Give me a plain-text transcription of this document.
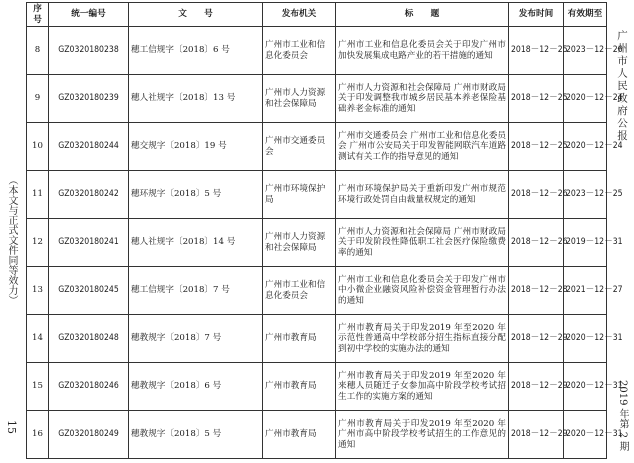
（本文与正式文件同等效力）
15
广州市人民政府公报
2019 年第 2 期
序号	统一编号	文　　号	发布机关	标　　题	发布时间	有效期至
8	GZ0320180238	穗工信规字〔2018〕6 号	广州市工业和信息化委员会	广州市工业和信息化委员会关于印发广州市加快发展集成电路产业的若干措施的通知	2018－12－25	2023－12－26
9	GZ0320180239	穗人社规字〔2018〕13 号	广州市人力资源和社会保障局	广州市人力资源和社会保障局 广州市财政局关于印发调整我市城乡居民基本养老保险基础养老金标准的通知	2018－12－25	2020－12－24
10	GZ0320180244	穗交规字〔2018〕19 号	广州市交通委员会	广州市交通委员会 广州市工业和信息化委员会 广州市公安局关于印发智能网联汽车道路测试有关工作的指导意见的通知	2018－12－25	2020－12－24
11	GZ0320180242	穗环规字〔2018〕5 号	广州市环境保护局	广州市环境保护局关于重新印发广州市规范环境行政处罚自由裁量权规定的通知	2018－12－26	2023－12－25
12	GZ0320180241	穗人社规字〔2018〕14 号	广州市人力资源和社会保障局	广州市人力资源和社会保障局 广州市财政局关于印发阶段性降低职工社会医疗保险缴费率的通知	2018－12－26	2019－12－31
13	GZ0320180245	穗工信规字〔2018〕7 号	广州市工业和信息化委员会	广州市工业和信息化委员会关于印发广州市中小微企业融资风险补偿资金管理暂行办法的通知	2018－12－28	2021－12－27
14	GZ0320180248	穗教规字〔2018〕7 号	广州市教育局	广州市教育局关于印发2019 年至2020 年示范性普通高中学校部分招生指标直接分配到初中学校的实施办法的通知	2018－12－29	2020－12－31
15	GZ0320180246	穗教规字〔2018〕6 号	广州市教育局	广州市教育局关于印发2019 年至2020 年来穗人员随迁子女参加高中阶段学校考试招生工作的实施方案的通知	2018－12－29	2020－12－31
16	GZ0320180249	穗教规字〔2018〕5 号	广州市教育局	广州市教育局关于印发2019 年至2020 年广州市高中阶段学校考试招生的工作意见的通知	2018－12－29	2020－12－31
